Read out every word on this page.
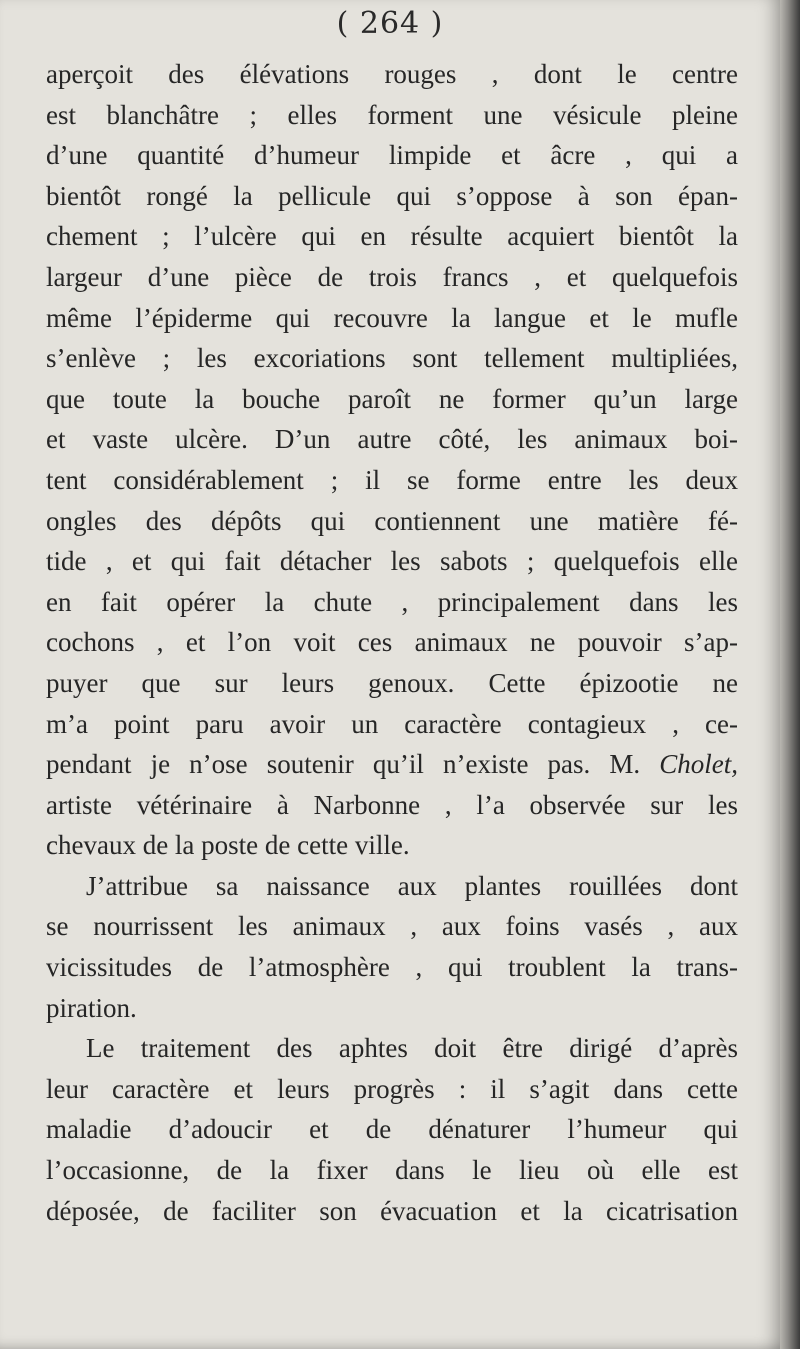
( 264 )
aperçoit des élévations rouges , dont le centre
est blanchâtre ; elles forment une vésicule pleine
d’une quantité d’humeur limpide et âcre , qui a
bientôt rongé la pellicule qui s’oppose à son épan-
chement ; l’ulcère qui en résulte acquiert bientôt la
largeur d’une pièce de trois francs , et quelquefois
même l’épiderme qui recouvre la langue et le mufle
s’enlève ; les excoriations sont tellement multipliées,
que toute la bouche paroît ne former qu’un large
et vaste ulcère. D’un autre côté, les animaux boi-
tent considérablement ; il se forme entre les deux
ongles des dépôts qui contiennent une matière fé-
tide , et qui fait détacher les sabots ; quelquefois elle
en fait opérer la chute , principalement dans les
cochons , et l’on voit ces animaux ne pouvoir s’ap-
puyer que sur leurs genoux. Cette épizootie ne
m’a point paru avoir un caractère contagieux , ce-
pendant je n’ose soutenir qu’il n’existe pas. M. Cholet,
artiste vétérinaire à Narbonne , l’a observée sur les
chevaux de la poste de cette ville.
J’attribue sa naissance aux plantes rouillées dont
se nourrissent les animaux , aux foins vasés , aux
vicissitudes de l’atmosphère , qui troublent la trans-
piration.
Le traitement des aphtes doit être dirigé d’après
leur caractère et leurs progrès : il s’agit dans cette
maladie d’adoucir et de dénaturer l’humeur qui
l’occasionne, de la fixer dans le lieu où elle est
déposée, de faciliter son évacuation et la cicatrisation
